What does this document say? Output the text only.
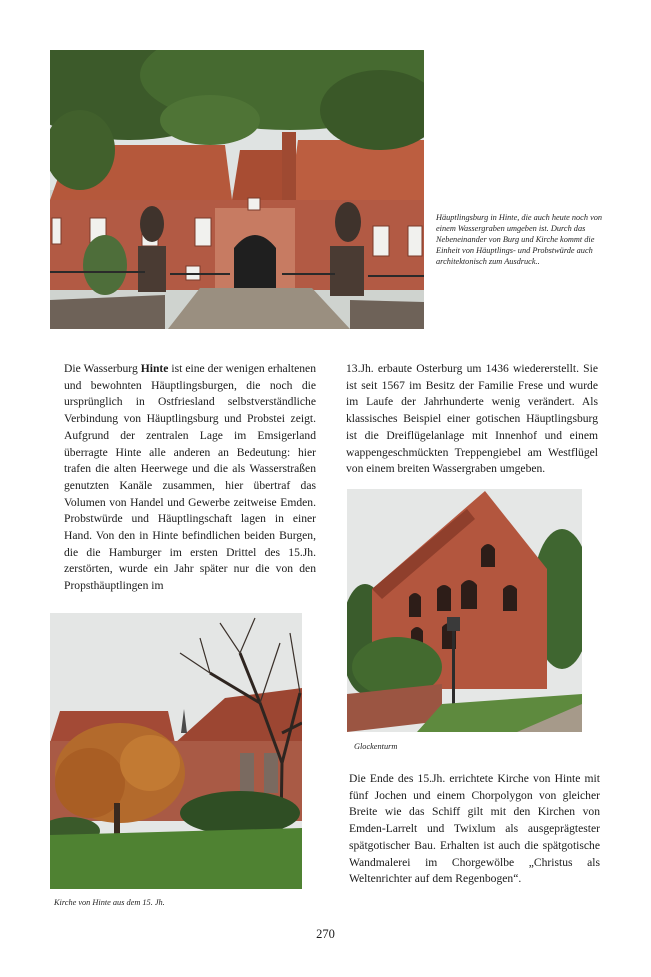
Häuptlingsburg in Hinte, die auch heute noch von einem Wassergraben umgeben ist. Durch das Nebeneinander von Burg und Kirche kommt die Einheit von Häuptlings- und Probstwürde auch architektonisch zum Ausdruck..

Die Wasserburg Hinte ist eine der wenigen erhaltenen und bewohnten Häuptlingsburgen, die noch die ursprünglich in Ostfriesland selbstverständliche Verbindung von Häuptlingsburg und Probstei zeigt. Aufgrund der zentralen Lage im Emsigerland überragte Hinte alle anderen an Bedeutung: hier trafen die alten Heerwege und die als Wasserstraßen genutzten Kanäle zusammen, hier übertraf das Volumen von Handel und Gewerbe zeitweise Emden. Probstwürde und Häuptlingschaft lagen in einer Hand. Von den in Hinte befindlichen beiden Burgen, die die Hamburger im ersten Drittel des 15.Jh. zerstörten, wurde ein Jahr später nur die von den Propsthäuptlingen im

13.Jh. erbaute Osterburg um 1436 wiedererstellt. Sie ist seit 1567 im Besitz der Familie Frese und wurde im Laufe der Jahrhunderte wenig verändert. Als klassisches Beispiel einer gotischen Häuptlingsburg ist die Dreiflügelanlage mit Innenhof und einem wappengeschmückten Treppengiebel am Westflügel von einem breiten Wassergraben umgeben.

Glockenturm
Kirche von Hinte aus dem 15. Jh.

Die Ende des 15.Jh. errichtete Kirche von Hinte mit fünf Jochen und einem Chorpolygon von gleicher Breite wie das Schiff gilt mit den Kirchen von Emden-Larrelt und Twixlum als ausgeprägtester spätgotischer Bau. Erhalten ist auch die spätgotische Wandmalerei im Chorgewölbe „Christus als Weltenrichter auf dem Regenbogen“.

270
